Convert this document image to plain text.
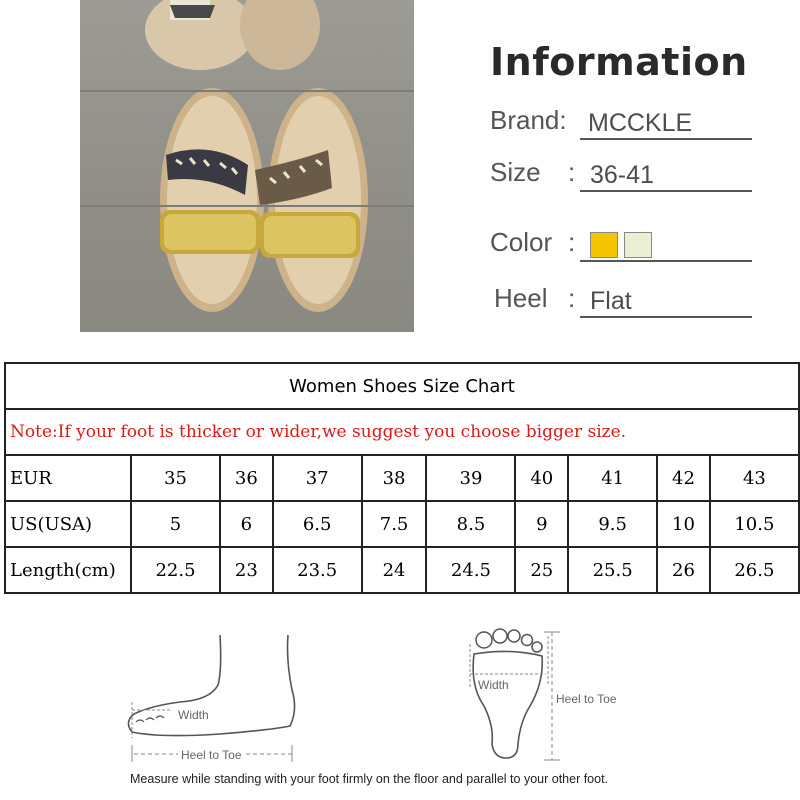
Information
Brand: MCCKLE
Size : 36-41
Color :
Heel : Flat
Women Shoes Size Chart									
Note:If your foot is thicker or wider,we suggest you choose bigger size.									
EUR	35	36	37	38	39	40	41	42	43
US(USA)	5	6	6.5	7.5	8.5	9	9.5	10	10.5
Length(cm)	22.5	23	23.5	24	24.5	25	25.5	26	26.5
Width
Heel to Toe
Width
Heel to Toe
Measure while standing with your foot firmly on the floor and parallel to your other foot.
